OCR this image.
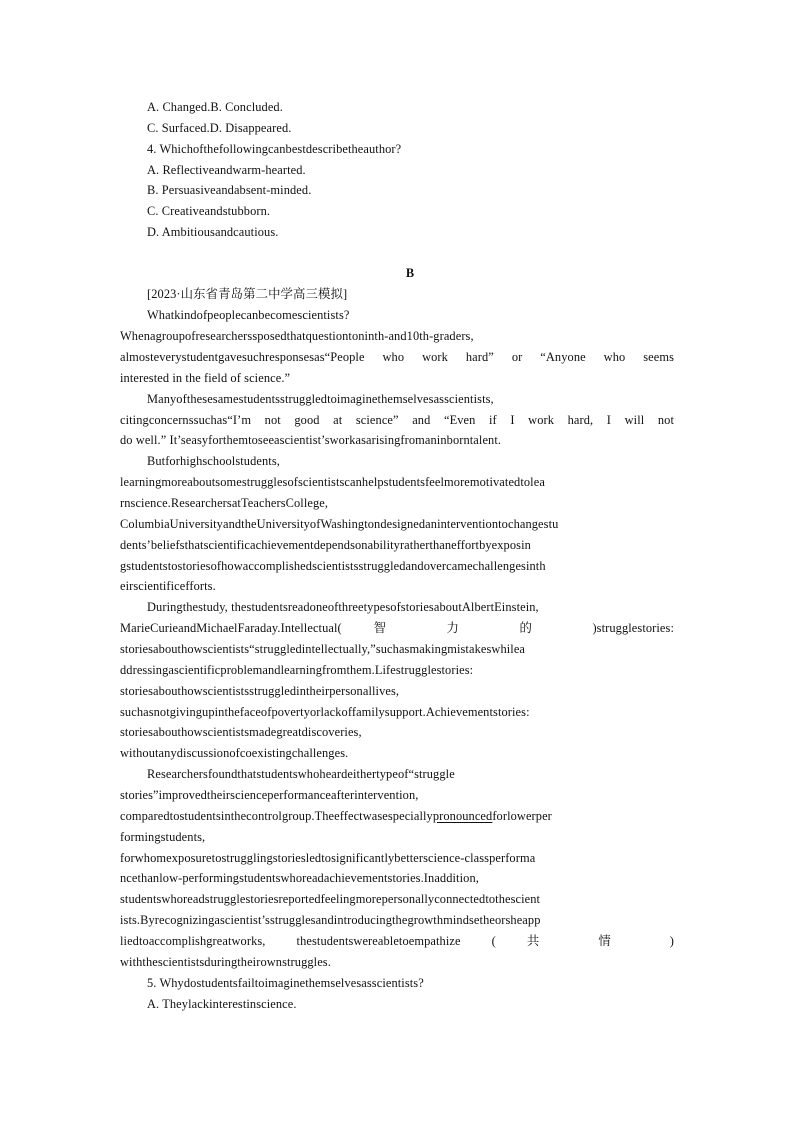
A. Changed.B. Concluded.
C. Surfaced.D. Disappeared.
4. Whichofthefollowingcanbestdescribetheauthor?
A. Reflectiveandwarm-hearted.
B. Persuasiveandabsent-minded.
C. Creativeandstubborn.
D. Ambitiousandcautious.
B
[2023·山东省青岛第二中学高三模拟]
Whatkindofpeoplecanbecomescientists?
Whenagroupofresearcherssposedthatquestiontoninth-and10th-graders,
almosteverystudentgavesuchresponsesas“People who work hard” or “Anyone who seems
interested in the field of science.”
Manyofthesesamestudentsstruggledtoimaginethemselvesasscientists,
citingconcernssuchas“I’m not good at science” and “Even if I work hard, I will not
do well.” It’seasyforthemtoseeascientist’sworkasarisingfromaninborntalent.
Butforhighschoolstudents,
learningmoreaboutsomestrugglesofscientistscanhelpstudentsfeelmoremotivatedtolea
rnscience.ResearchersatTeachersCollege,
ColumbiaUniversityandtheUniversityofWashingtondesignedaninterventiontochangestu
dents’beliefsthatscientificachievementdependsonabilityratherthaneffortbyexposin
gstudentstostoriesofhowaccomplishedscientistsstruggledandovercamechallengesinth
eirscientificefforts.
Duringthestudy, thestudentsreadoneofthreetypesofstoriesaboutAlbertEinstein,
MarieCurieandMichaelFaraday.Intellectual( 智 力 的 )strugglestories:
storiesabouthowscientists“struggledintellectually,”suchasmakingmistakeswhilea
ddressingascientificproblemandlearningfromthem.Lifestrugglestories:
storiesabouthowscientistsstruggledintheirpersonallives,
suchasnotgivingupinthefaceofpovertyorlackoffamilysupport.Achievementstories:
storiesabouthowscientistsmadegreatdiscoveries,
withoutanydiscussionofcoexistingchallenges.
Researchersfoundthatstudentswhoheardeithertypeof“struggle
stories”improvedtheirscienceperformanceafterintervention,
comparedtostudentsinthecontrolgroup.Theeffectwasespeciallypronouncedforlowerper
formingstudents,
forwhomexposuretostrugglingstoriesledtosignificantlybetterscience-classperforma
ncethanlow-performingstudentswhoreadachievementstories.Inaddition,
studentswhoreadstrugglestoriesreportedfeelingmorepersonallyconnectedtothescient
ists.Byrecognizingascientist’sstrugglesandintroducingthegrowthmindsetheorsheapp
liedtoaccomplishgreatworks, thestudentswereabletoempathize ( 共 情 )
withthescientistsduringtheirownstruggles.
5. Whydostudentsfailtoimaginethemselvesasscientists?
A. Theylackinterestinscience.
